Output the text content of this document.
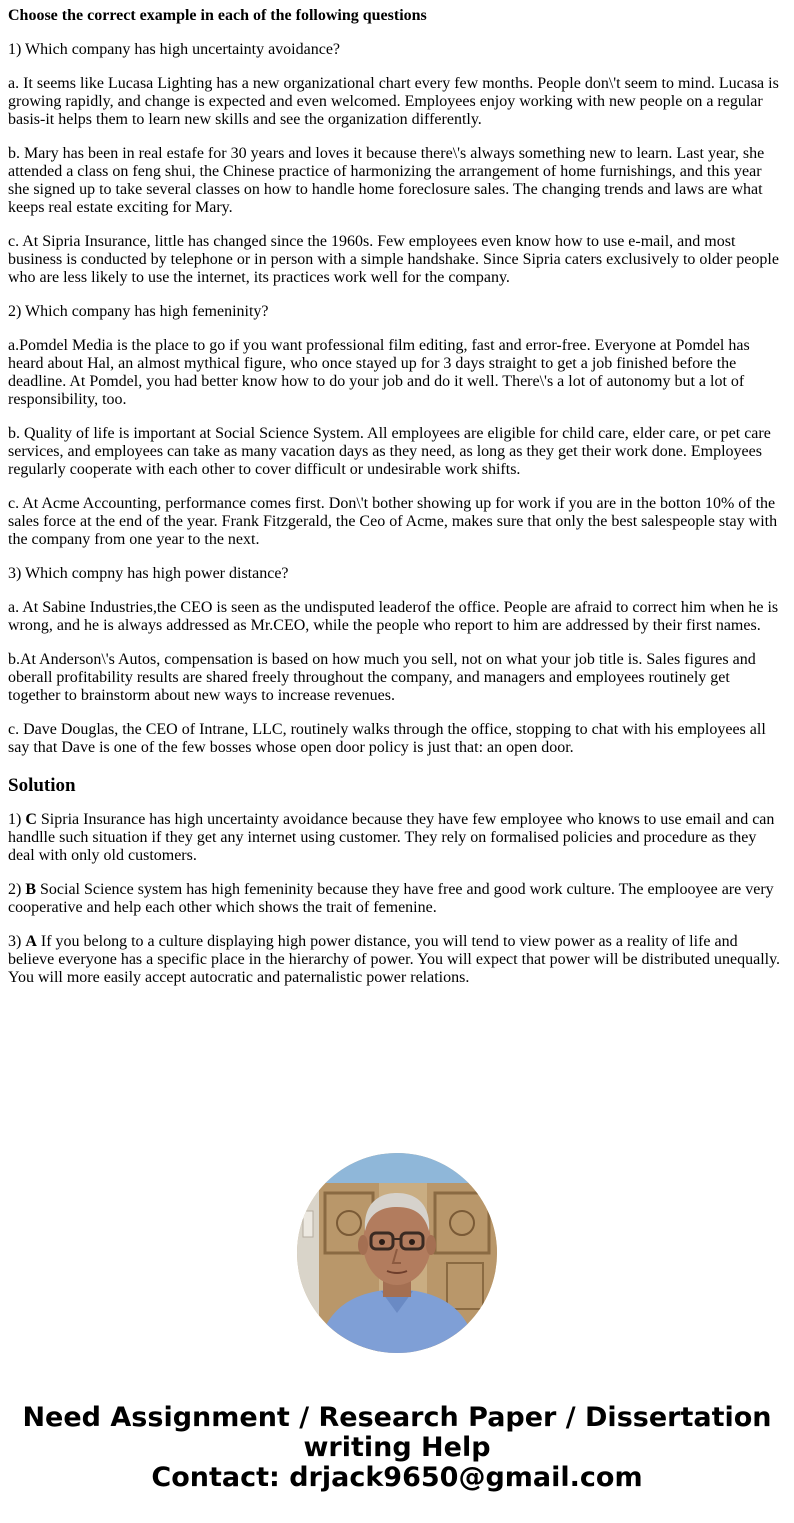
Choose the correct example in each of the following questions

1) Which company has high uncertainty avoidance?

a. It seems like Lucasa Lighting has a new organizational chart every few months. People don\'t seem to mind. Lucasa is growing rapidly, and change is expected and even welcomed. Employees enjoy working with new people on a regular basis-it helps them to learn new skills and see the organization differently.

b. Mary has been in real estafe for 30 years and loves it because there\'s always something new to learn. Last year, she attended a class on feng shui, the Chinese practice of harmonizing the arrangement of home furnishings, and this year she signed up to take several classes on how to handle home foreclosure sales. The changing trends and laws are what keeps real estate exciting for Mary.

c. At Sipria Insurance, little has changed since the 1960s. Few employees even know how to use e-mail, and most business is conducted by telephone or in person with a simple handshake. Since Sipria caters exclusively to older people who are less likely to use the internet, its practices work well for the company.

2) Which company has high femeninity?

a.Pomdel Media is the place to go if you want professional film editing, fast and error-free. Everyone at Pomdel has heard about Hal, an almost mythical figure, who once stayed up for 3 days straight to get a job finished before the deadline. At Pomdel, you had better know how to do your job and do it well. There\'s a lot of autonomy but a lot of responsibility, too.

b. Quality of life is important at Social Science System. All employees are eligible for child care, elder care, or pet care services, and employees can take as many vacation days as they need, as long as they get their work done. Employees regularly cooperate with each other to cover difficult or undesirable work shifts.

c. At Acme Accounting, performance comes first. Don\'t bother showing up for work if you are in the botton 10% of the sales force at the end of the year. Frank Fitzgerald, the Ceo of Acme, makes sure that only the best salespeople stay with the company from one year to the next.

3) Which compny has high power distance?

a. At Sabine Industries,the CEO is seen as the undisputed leaderof the office. People are afraid to correct him when he is wrong, and he is always addressed as Mr.CEO, while the people who report to him are addressed by their first names.

b.At Anderson\'s Autos, compensation is based on how much you sell, not on what your job title is. Sales figures and oberall profitability results are shared freely throughout the company, and managers and employees routinely get together to brainstorm about new ways to increase revenues.

c. Dave Douglas, the CEO of Intrane, LLC, routinely walks through the office, stopping to chat with his employees all say that Dave is one of the few bosses whose open door policy is just that: an open door.

Solution

1) C Sipria Insurance has high uncertainty avoidance because they have few employee who knows to use email and can handlle such situation if they get any internet using customer. They rely on formalised policies and procedure as they deal with only old customers.

2) B Social Science system has high femeninity because they have free and good work culture. The emplooyee are very cooperative and help each other which shows the trait of femenine.

3) A If you belong to a culture displaying high power distance, you will tend to view power as a reality of life and believe everyone has a specific place in the hierarchy of power. You will expect that power will be distributed unequally. You will more easily accept autocratic and paternalistic power relations.

Need Assignment / Research Paper / Dissertation
writing Help
Contact: drjack9650@gmail.com
